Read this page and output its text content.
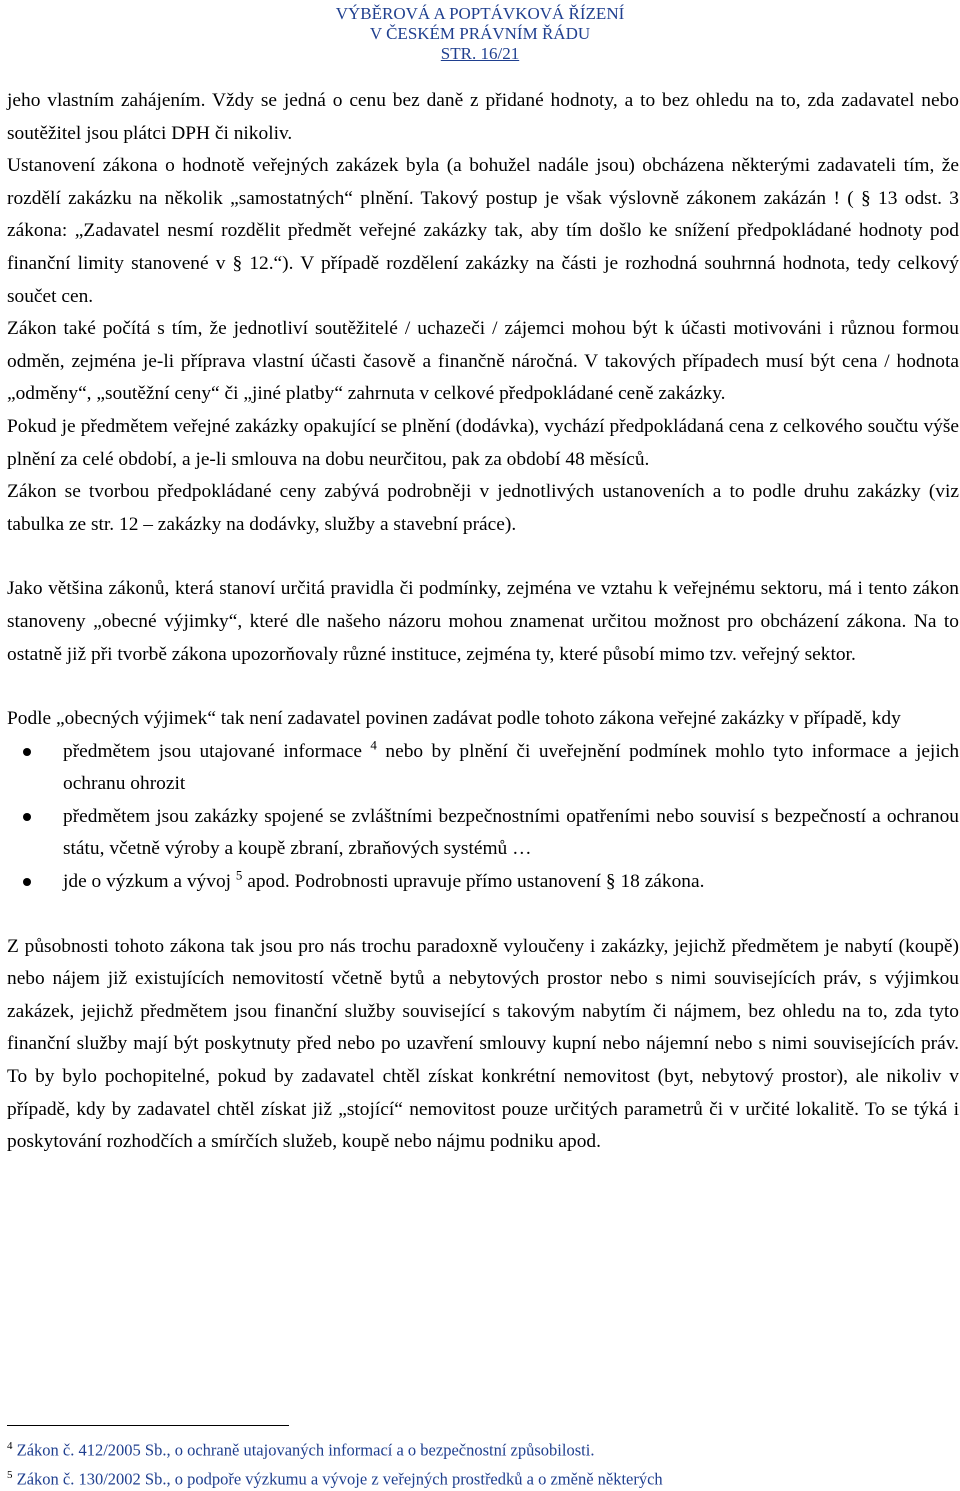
VÝBĚROVÁ A POPTÁVKOVÁ ŘÍZENÍ
V ČESKÉM PRÁVNÍM ŘÁDU
STR. 16/21

jeho vlastním zahájením. Vždy se jedná o cenu bez daně z přidané hodnoty, a to bez ohledu na to, zda zadavatel nebo soutěžitel jsou plátci DPH či nikoliv.

Ustanovení zákona o hodnotě veřejných zakázek byla (a bohužel nadále jsou) obcházena některými zadavateli tím, že rozdělí zakázku na několik „samostatných“ plnění. Takový postup je však výslovně zákonem zakázán ! ( § 13 odst. 3 zákona: „Zadavatel nesmí rozdělit předmět veřejné zakázky tak, aby tím došlo ke snížení předpokládané hodnoty pod finanční limity stanovené v § 12.“). V případě rozdělení zakázky na části je rozhodná souhrnná hodnota, tedy celkový součet cen.

Zákon také počítá s tím, že jednotliví soutěžitelé / uchazeči / zájemci mohou být k účasti motivováni i různou formou odměn, zejména je-li příprava vlastní účasti časově a finančně náročná. V takových případech musí být cena / hodnota „odměny“, „soutěžní ceny“ či „jiné platby“ zahrnuta v celkové předpokládané ceně zakázky.

Pokud je předmětem veřejné zakázky opakující se plnění (dodávka), vychází předpokládaná cena z celkového součtu výše plnění za celé období, a je-li smlouva na dobu neurčitou, pak za období 48 měsíců.

Zákon se tvorbou předpokládané ceny zabývá podrobněji v jednotlivých ustanoveních a to podle druhu zakázky (viz tabulka ze str. 12 – zakázky na dodávky, služby a stavební práce).

Jako většina zákonů, která stanoví určitá pravidla či podmínky, zejména ve vztahu k veřejnému sektoru, má i tento zákon stanoveny „obecné výjimky“, které dle našeho názoru mohou znamenat určitou možnost pro obcházení zákona. Na to ostatně již při tvorbě zákona upozorňovaly různé instituce, zejména ty, které působí mimo tzv. veřejný sektor.

Podle „obecných výjimek“ tak není zadavatel povinen zadávat podle tohoto zákona veřejné zakázky v případě, kdy

předmětem jsou utajované informace $^4$ nebo by plnění či uveřejnění podmínek mohlo tyto informace a jejich ochranu ohrozit
předmětem jsou zakázky spojené se zvláštními bezpečnostními opatřeními nebo souvisí s bezpečností a ochranou státu, včetně výroby a koupě zbraní, zbraňových systémů …
jde o výzkum a vývoj $^5$ apod. Podrobnosti upravuje přímo ustanovení § 18 zákona.

Z působnosti tohoto zákona tak jsou pro nás trochu paradoxně vyloučeny i zakázky, jejichž předmětem je nabytí (koupě) nebo nájem již existujících nemovitostí včetně bytů a nebytových prostor nebo s nimi souvisejících práv, s výjimkou zakázek, jejichž předmětem jsou finanční služby související s takovým nabytím či nájmem, bez ohledu na to, zda tyto finanční služby mají být poskytnuty před nebo po uzavření smlouvy kupní nebo nájemní nebo s nimi souvisejících práv. To by bylo pochopitelné, pokud by zadavatel chtěl získat konkrétní nemovitost (byt, nebytový prostor), ale nikoliv v případě, kdy by zadavatel chtěl získat již „stojící“ nemovitost pouze určitých parametrů či v určité lokalitě. To se týká i poskytování rozhodčích a smírčích služeb, koupě nebo nájmu podniku apod.

$^4$ Zákon č. 412/2005 Sb., o ochraně utajovaných informací a o bezpečnostní způsobilosti.
$^5$ Zákon č. 130/2002 Sb., o podpoře výzkumu a vývoje z veřejných prostředků a o změně některých
